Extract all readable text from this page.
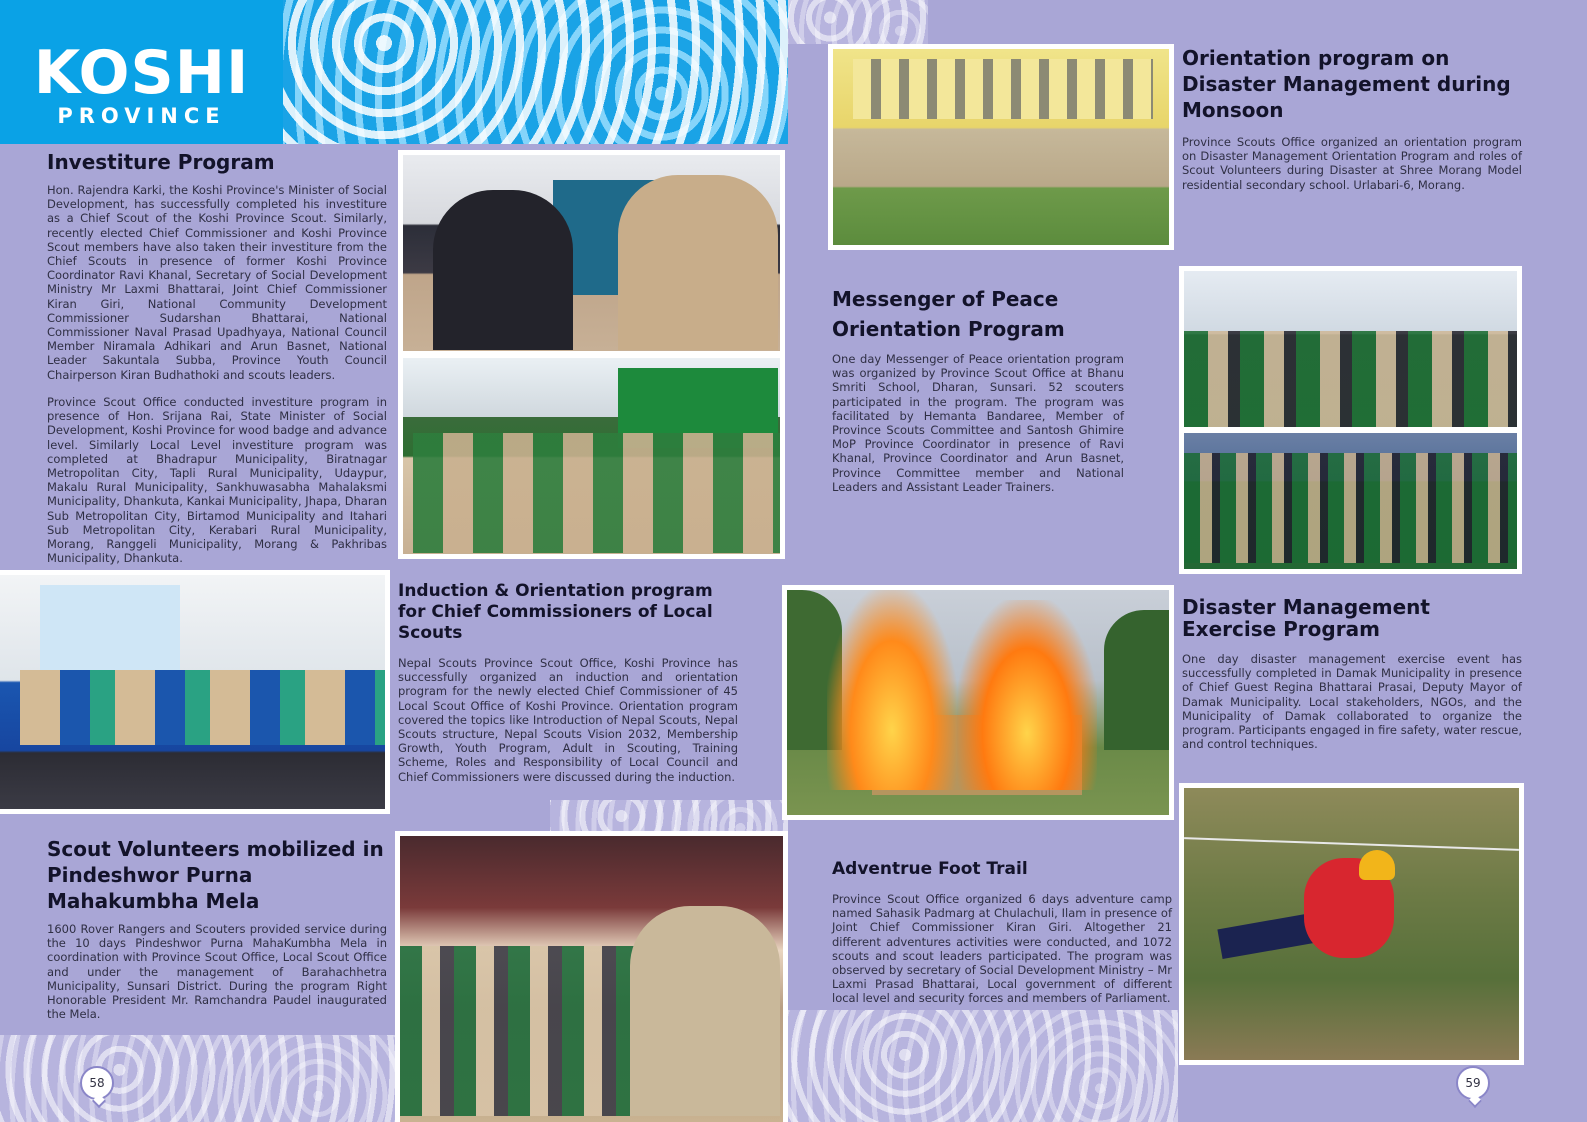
KOSHI
PROVINCE
Investiture Program
Hon. Rajendra Karki, the Koshi Province's Minister of Social Development, has successfully completed his investiture as a Chief Scout of the Koshi Province Scout. Similarly, recently elected Chief Commissioner and Koshi Province Scout members have also taken their investiture from the Chief Scouts in presence of former Koshi Province Coordinator Ravi Khanal, Secretary of Social Development Ministry Mr Laxmi Bhattarai, Joint Chief Commissioner Kiran Giri, National Community Development Commissioner Sudarshan Bhattarai, National Commissioner Naval Prasad Upadhyaya, National Council Member Niramala Adhikari and Arun Basnet, National Leader Sakuntala Subba, Province Youth Council Chairperson Kiran Budhathoki and scouts leaders.
Province Scout Office conducted investiture program in presence of Hon. Srijana Rai, State Minister of Social Development, Koshi Province for wood badge and advance level. Similarly Local Level investiture program was completed at Bhadrapur Municipality, Biratnagar Metropolitan City, Tapli Rural Municipality, Udaypur, Makalu Rural Municipality, Sankhuwasabha Mahalaksmi Municipality, Dhankuta, Kankai Municipality, Jhapa, Dharan Sub Metropolitan City, Birtamod Municipality and Itahari Sub Metropolitan City, Kerabari Rural Municipality, Morang, Ranggeli Municipality, Morang & Pakhribas Municipality, Dhankuta.
Induction & Orientation program for Chief Commissioners of Local Scouts
Nepal Scouts Province Scout Office, Koshi Province has successfully organized an induction and orientation program for the newly elected Chief Commissioner of 45 Local Scout Office of Koshi Province. Orientation program covered the topics like Introduction of Nepal Scouts, Nepal Scouts structure, Nepal Scouts Vision 2032, Membership Growth, Youth Program, Adult in Scouting, Training Scheme, Roles and Responsibility of Local Council and Chief Commissioners were discussed during the induction.
Scout Volunteers mobilized in Pindeshwor Purna Mahakumbha Mela
1600 Rover Rangers and Scouters provided service during the 10 days Pindeshwor Purna MahaKumbha Mela in coordination with Province Scout Office, Local Scout Office and under the management of Barahachhetra Municipality, Sunsari District. During the program Right Honorable President Mr. Ramchandra Paudel inaugurated the Mela.
58
Orientation program on Disaster Management during Monsoon
Province Scouts Office organized an orientation program on Disaster Management Orientation Program and roles of Scout Volunteers during Disaster at Shree Morang Model residential secondary school. Urlabari-6, Morang.
Messenger of Peace Orientation Program
One day Messenger of Peace orientation program was organized by Province Scout Office at Bhanu Smriti School, Dharan, Sunsari. 52 scouters participated in the program. The program was facilitated by Hemanta Bandaree, Member of Province Scouts Committee and Santosh Ghimire MoP Province Coordinator in presence of Ravi Khanal, Province Coordinator and Arun Basnet, Province Committee member and National Leaders and Assistant Leader Trainers.
Disaster Management Exercise Program
One day disaster management exercise event has successfully completed in Damak Municipality in presence of Chief Guest Regina Bhattarai Prasai, Deputy Mayor of Damak Municipality. Local stakeholders, NGOs, and the Municipality of Damak collaborated to organize the program. Participants engaged in fire safety, water rescue, and control techniques.
Adventrue Foot Trail
Province Scout Office organized 6 days adventure camp named Sahasik Padmarg at Chulachuli, Ilam in presence of Joint Chief Commissioner Kiran Giri. Altogether 21 different adventures activities were conducted, and 1072 scouts and scout leaders participated. The program was observed by secretary of Social Development Ministry – Mr Laxmi Prasad Bhattarai, Local government of different local level and security forces and members of Parliament.
59
